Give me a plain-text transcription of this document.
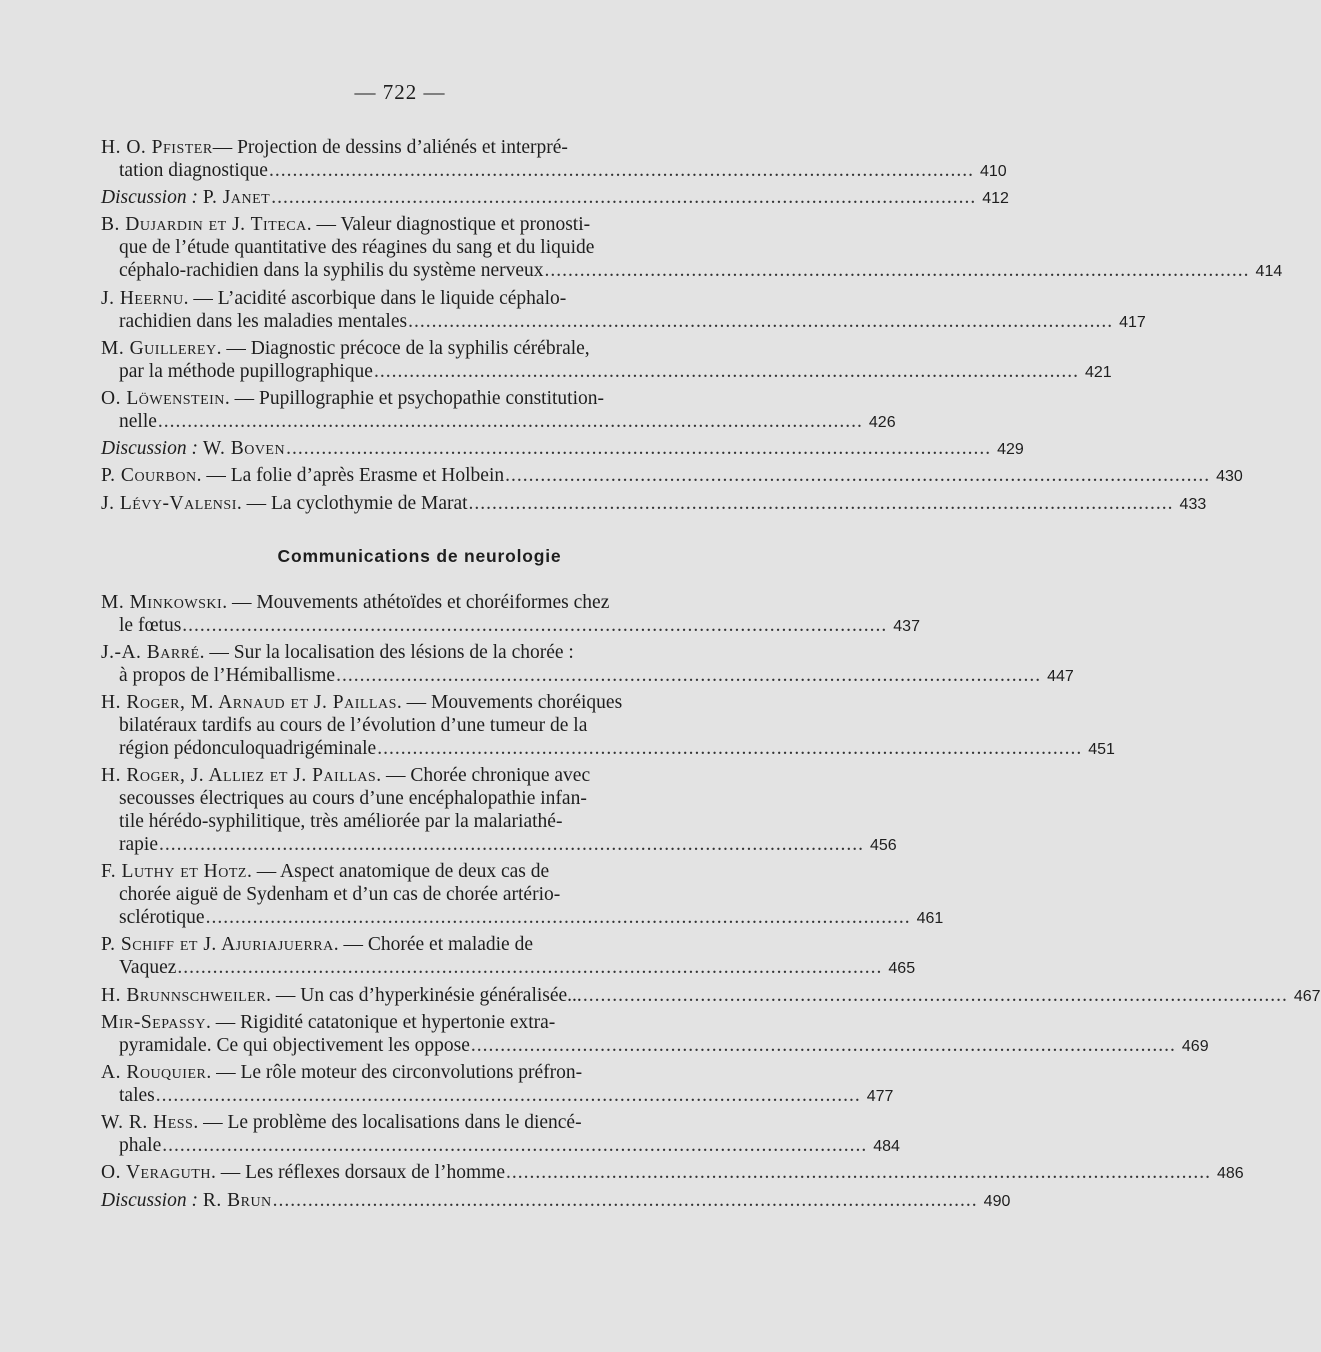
— 722 —
H. O. Pfister— Projection de dessins d’aliénés et interpré-
tation diagnostique ........................................................................................................................ 410
Discussion : P. Janet ........................................................................................................................ 412
B. Dujardin et J. Titeca. — Valeur diagnostique et pronosti-
que de l’étude quantitative des réagines du sang et du liquide
céphalo-rachidien dans la syphilis du système nerveux ........................................................................................................................ 414
J. Heernu. — L’acidité ascorbique dans le liquide céphalo-
rachidien dans les maladies mentales ........................................................................................................................ 417
M. Guillerey. — Diagnostic précoce de la syphilis cérébrale,
par la méthode pupillographique ........................................................................................................................ 421
O. Löwenstein. — Pupillographie et psychopathie constitution-
nelle ........................................................................................................................ 426
Discussion : W. Boven ........................................................................................................................ 429
P. Courbon. — La folie d’après Erasme et Holbein ........................................................................................................................ 430
J. Lévy-Valensi. — La cyclothymie de Marat ........................................................................................................................ 433
Communications de neurologie
M. Minkowski. — Mouvements athétoïdes et choréiformes chez
le fœtus ........................................................................................................................ 437
J.-A. Barré. — Sur la localisation des lésions de la chorée :
à propos de l’Hémiballisme ........................................................................................................................ 447
H. Roger, M. Arnaud et J. Paillas. — Mouvements choréiques
bilatéraux tardifs au cours de l’évolution d’une tumeur de la
région pédonculoquadrigéminale ........................................................................................................................ 451
H. Roger, J. Alliez et J. Paillas. — Chorée chronique avec
secousses électriques au cours d’une encéphalopathie infan-
tile hérédo-syphilitique, très améliorée par la malariathé-
rapie ........................................................................................................................ 456
F. Luthy et Hotz. — Aspect anatomique de deux cas de
chorée aiguë de Sydenham et d’un cas de chorée artério-
sclérotique ........................................................................................................................ 461
P. Schiff et J. Ajuriajuerra. — Chorée et maladie de
Vaquez ........................................................................................................................ 465
H. Brunnschweiler. — Un cas d’hyperkinésie généralisée... ........................................................................................................................ 467
Mir-Sepassy. — Rigidité catatonique et hypertonie extra-
pyramidale. Ce qui objectivement les oppose ........................................................................................................................ 469
A. Rouquier. — Le rôle moteur des circonvolutions préfron-
tales ........................................................................................................................ 477
W. R. Hess. — Le problème des localisations dans le diencé-
phale ........................................................................................................................ 484
O. Veraguth. — Les réflexes dorsaux de l’homme ........................................................................................................................ 486
Discussion : R. Brun ........................................................................................................................ 490
